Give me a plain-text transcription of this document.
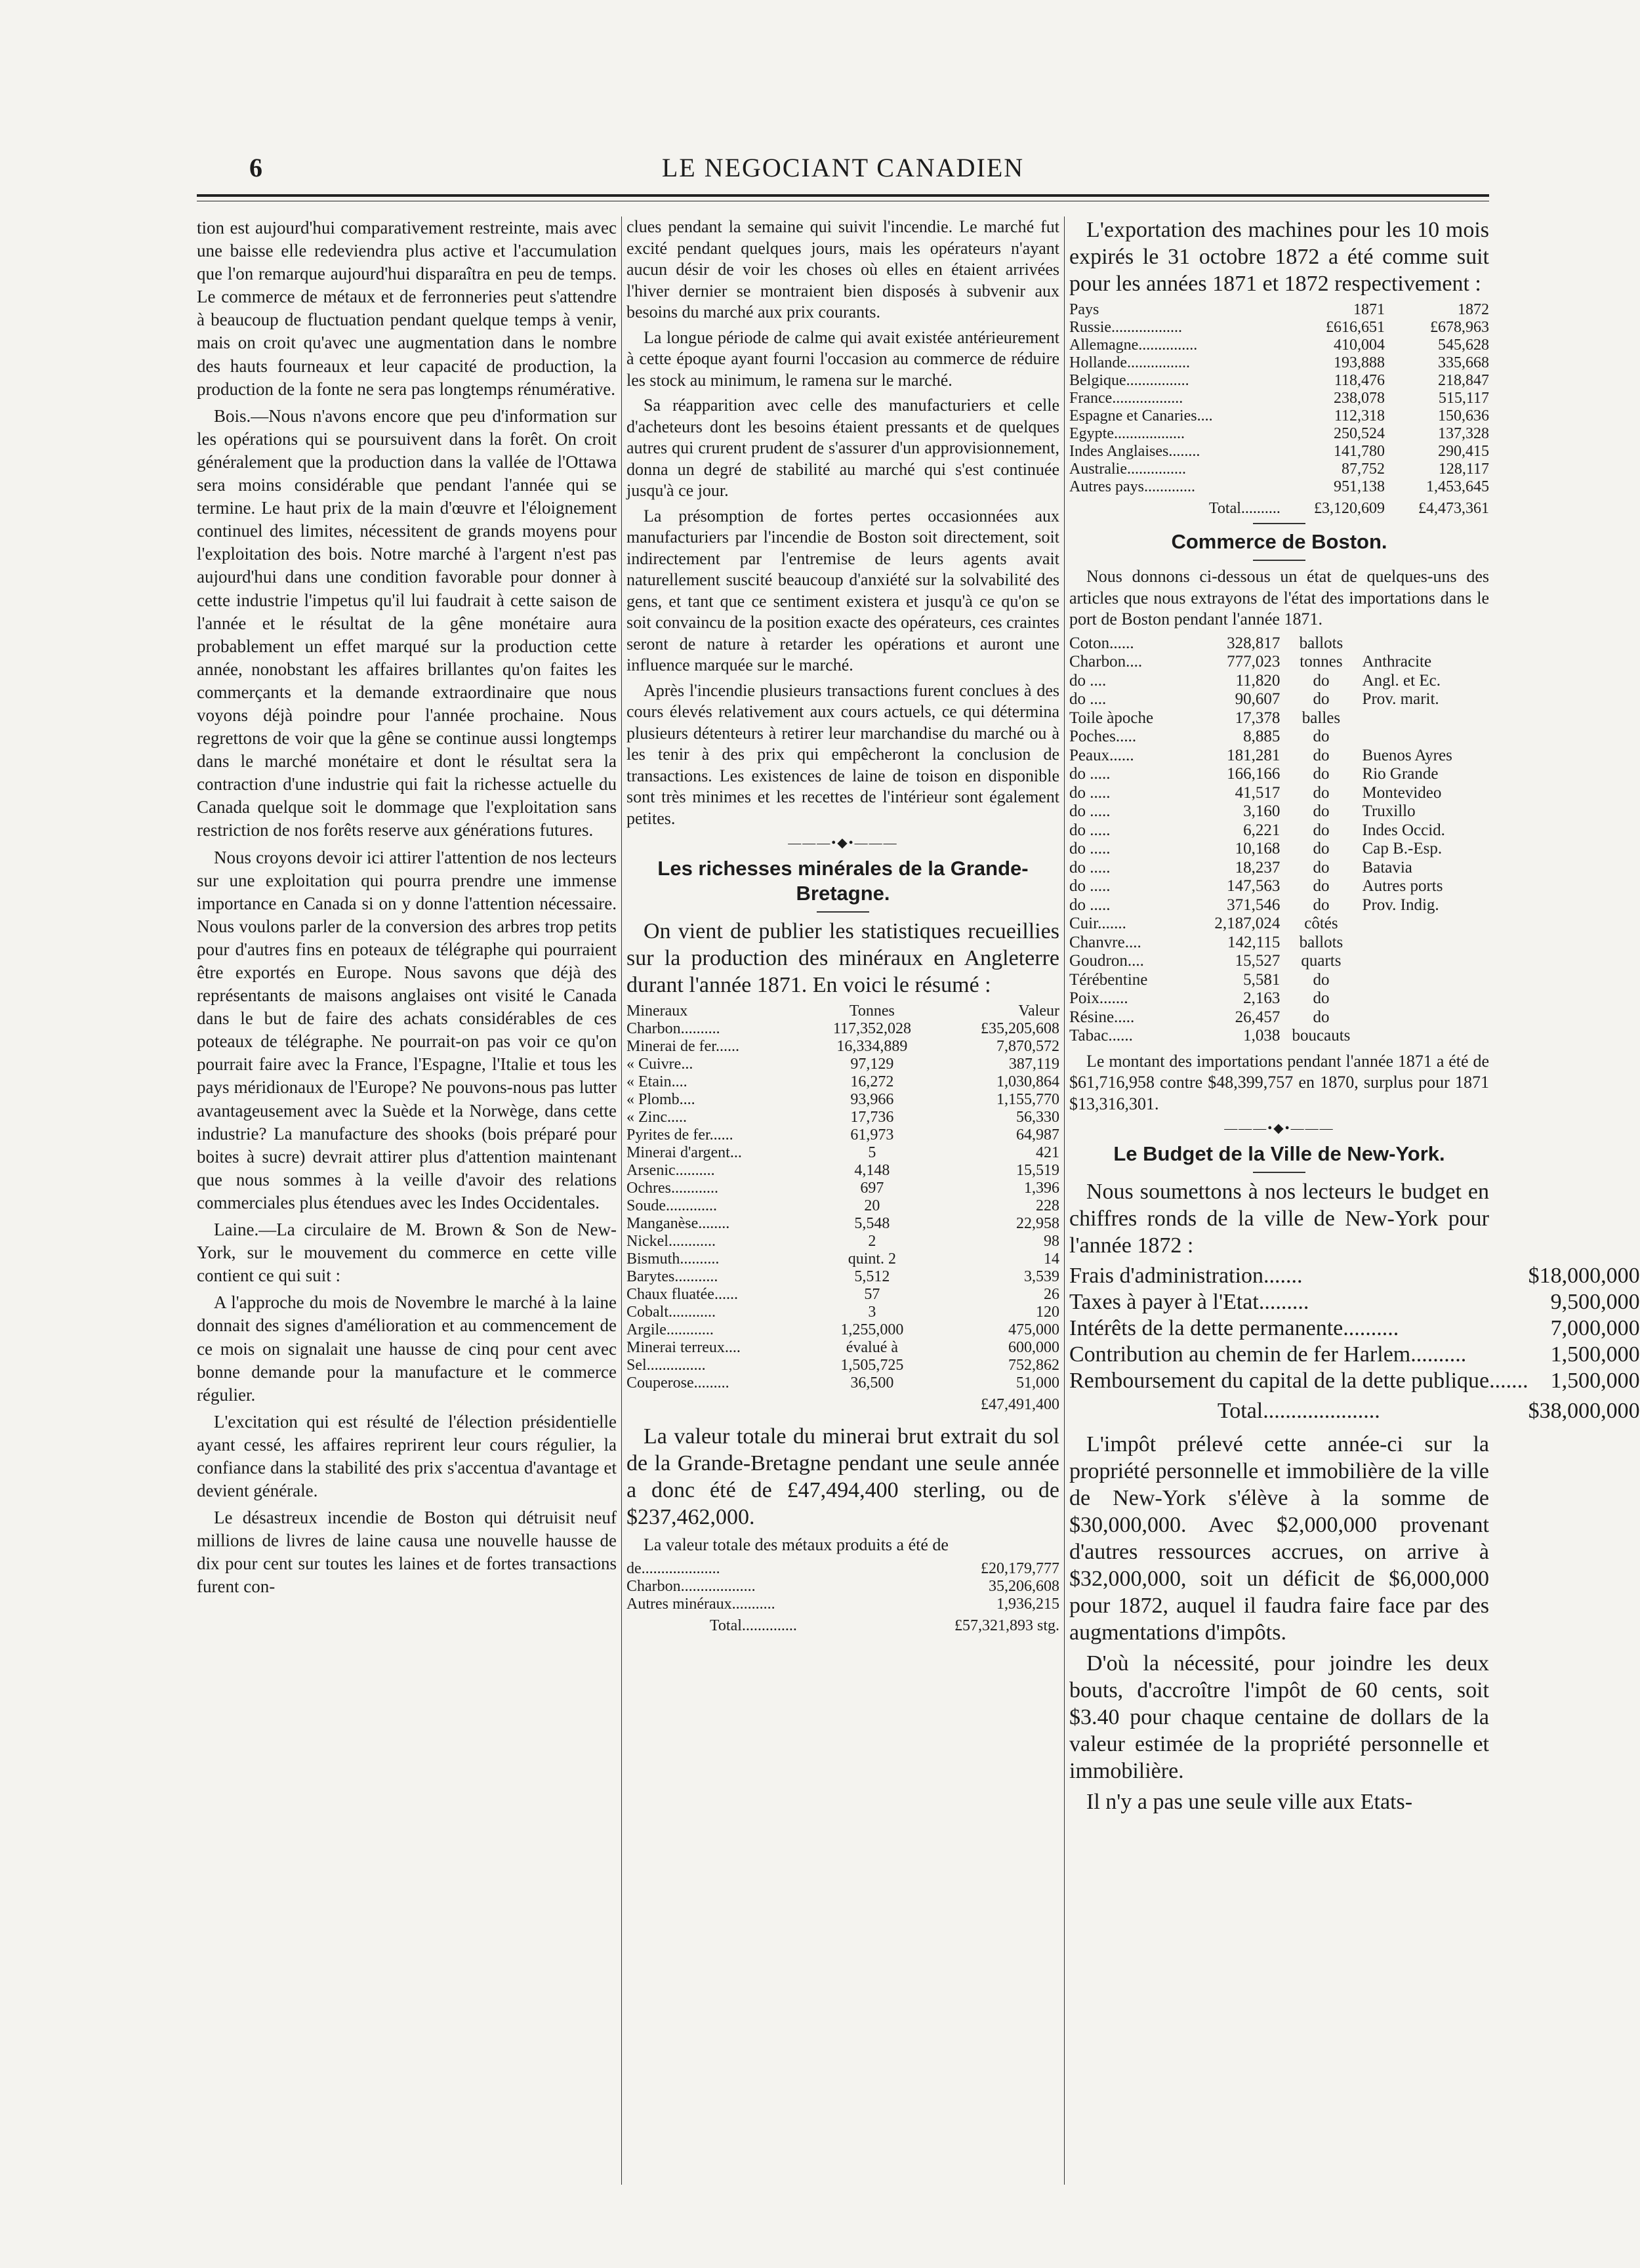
6	LE NEGOCIANT CANADIEN

tion est aujourd'hui comparativement restreinte, mais avec une baisse elle redeviendra plus active et l'accumulation que l'on remarque aujourd'hui disparaîtra en peu de temps. Le commerce de métaux et de ferronneries peut s'attendre à beaucoup de fluctuation pendant quelque temps à venir, mais on croit qu'avec une augmentation dans le nombre des hauts fourneaux et leur capacité de production, la production de la fonte ne sera pas longtemps rénumérative.

Bois.—Nous n'avons encore que peu d'information sur les opérations qui se poursuivent dans la forêt. On croit généralement que la production dans la vallée de l'Ottawa sera moins considérable que pendant l'année qui se termine. Le haut prix de la main d'œuvre et l'éloignement continuel des limites, nécessitent de grands moyens pour l'exploitation des bois. Notre marché à l'argent n'est pas aujourd'hui dans une condition favorable pour donner à cette industrie l'impetus qu'il lui faudrait à cette saison de l'année et le résultat de la gêne monétaire aura probablement un effet marqué sur la production cette année, nonobstant les affaires brillantes qu'on faites les commerçants et la demande extraordinaire que nous voyons déjà poindre pour l'année prochaine. Nous regrettons de voir que la gêne se continue aussi longtemps dans le marché monétaire et dont le résultat sera la contraction d'une industrie qui fait la richesse actuelle du Canada quelque soit le dommage que l'exploitation sans restriction de nos forêts reserve aux générations futures.

Nous croyons devoir ici attirer l'attention de nos lecteurs sur une exploitation qui pourra prendre une immense importance en Canada si on y donne l'attention nécessaire. Nous voulons parler de la conversion des arbres trop petits pour d'autres fins en poteaux de télégraphe qui pourraient être exportés en Europe. Nous savons que déjà des représentants de maisons anglaises ont visité le Canada dans le but de faire des achats considérables de ces poteaux de télégraphe. Ne pourrait-on pas voir ce qu'on pourrait faire avec la France, l'Espagne, l'Italie et tous les pays méridionaux de l'Europe? Ne pouvons-nous pas lutter avantageusement avec la Suède et la Norwège, dans cette industrie? La manufacture des shooks (bois préparé pour boites à sucre) devrait attirer plus d'attention maintenant que nous sommes à la veille d'avoir des relations commerciales plus étendues avec les Indes Occidentales.

Laine.—La circulaire de M. Brown & Son de New-York, sur le mouvement du commerce en cette ville contient ce qui suit :

A l'approche du mois de Novembre le marché à la laine donnait des signes d'amélioration et au commencement de ce mois on signalait une hausse de cinq pour cent avec bonne demande pour la manufacture et le commerce régulier.

L'excitation qui est résulté de l'élection présidentielle ayant cessé, les affaires reprirent leur cours régulier, la confiance dans la stabilité des prix s'accentua d'avantage et devient générale.

Le désastreux incendie de Boston qui détruisit neuf millions de livres de laine causa une nouvelle hausse de dix pour cent sur toutes les laines et de fortes transactions furent con-

clues pendant la semaine qui suivit l'incendie. Le marché fut excité pendant quelques jours, mais les opérateurs n'ayant aucun désir de voir les choses où elles en étaient arrivées l'hiver dernier se montraient bien disposés à subvenir aux besoins du marché aux prix courants.

La longue période de calme qui avait existée antérieurement à cette époque ayant fourni l'occasion au commerce de réduire les stock au minimum, le ramena sur le marché.

Sa réapparition avec celle des manufacturiers et celle d'acheteurs dont les besoins étaient pressants et de quelques autres qui crurent prudent de s'assurer d'un approvisionnement, donna un degré de stabilité au marché qui s'est continuée jusqu'à ce jour.

La présomption de fortes pertes occasionnées aux manufacturiers par l'incendie de Boston soit directement, soit indirectement par l'entremise de leurs agents avait naturellement suscité beaucoup d'anxiété sur la solvabilité des gens, et tant que ce sentiment existera et jusqu'à ce qu'on se soit convaincu de la position exacte des opérateurs, ces craintes seront de nature à retarder les opérations et auront une influence marquée sur le marché.

Après l'incendie plusieurs transactions furent conclues à des cours élevés relativement aux cours actuels, ce qui détermina plusieurs détenteurs à retirer leur marchandise du marché ou à les tenir à des prix qui empêcheront la conclusion de transactions. Les existences de laine de toison en disponible sont très minimes et les recettes de l'intérieur sont également petites.

———•◆•———
Les richesses minérales de la Grande-Bretagne.

On vient de publier les statistiques recueillies sur la production des minéraux en Angleterre durant l'année 1871. En voici le résumé :

Mineraux	Tonnes	Valeur
Charbon..........	117,352,028	£35,205,608
Minerai de fer......	16,334,889	7,870,572
« Cuivre...	97,129	387,119
« Etain....	16,272	1,030,864
« Plomb....	93,966	1,155,770
« Zinc.....	17,736	56,330
Pyrites de fer......	61,973	64,987
Minerai d'argent...	5	421
Arsenic..........	4,148	15,519
Ochres............	697	1,396
Soude.............	20	228
Manganèse........	5,548	22,958
Nickel............	2	98
Bismuth..........	quint. 2	14
Barytes...........	5,512	3,539
Chaux fluatée......	57	26
Cobalt............	3	120
Argile............	1,255,000	475,000
Minerai terreux....	évalué à	600,000
Sel...............	1,505,725	752,862
Couperose.........	36,500	51,000
		£47,491,400

La valeur totale du minerai brut extrait du sol de la Grande-Bretagne pendant une seule année a donc été de £47,494,400 sterling, ou de $237,462,000.

La valeur totale des métaux produits a été de

de....................	£20,179,777
Charbon...................	35,206,608
Autres minéraux...........	1,936,215
Total..............	£57,321,893 stg.

L'exportation des machines pour les 10 mois expirés le 31 octobre 1872 a été comme suit pour les années 1871 et 1872 respectivement :

Pays	1871	1872
Russie..................	£616,651	£678,963
Allemagne...............	410,004	545,628
Hollande................	193,888	335,668
Belgique................	118,476	218,847
France..................	238,078	515,117
Espagne et Canaries....	112,318	150,636
Egypte..................	250,524	137,328
Indes Anglaises........	141,780	290,415
Australie...............	87,752	128,117
Autres pays.............	951,138	1,453,645
Total..........	£3,120,609	£4,473,361
Commerce de Boston.

Nous donnons ci-dessous un état de quelques-uns des articles que nous extrayons de l'état des importations dans le port de Boston pendant l'année 1871.

Coton......	328,817	ballots	
Charbon....	777,023	tonnes	Anthracite
do ....	11,820	do	Angl. et Ec.
do ....	90,607	do	Prov. marit.
Toile àpoche	17,378	balles	
Poches.....	8,885	do	
Peaux......	181,281	do	Buenos Ayres
do .....	166,166	do	Rio Grande
do .....	41,517	do	Montevideo
do .....	3,160	do	Truxillo
do .....	6,221	do	Indes Occid.
do .....	10,168	do	Cap B.-Esp.
do .....	18,237	do	Batavia
do .....	147,563	do	Autres ports
do .....	371,546	do	Prov. Indig.
Cuir.......	2,187,024	côtés	
Chanvre....	142,115	ballots	
Goudron....	15,527	quarts	
Térébentine	5,581	do	
Poix.......	2,163	do	
Résine.....	26,457	do	
Tabac......	1,038	boucauts	

Le montant des importations pendant l'année 1871 a été de $61,716,958 contre $48,399,757 en 1870, surplus pour 1871 $13,316,301.

———•◆•———
Le Budget de la Ville de New-York.

Nous soumettons à nos lecteurs le budget en chiffres ronds de la ville de New-York pour l'année 1872 :

Frais d'administration.......	$18,000,000
Taxes à payer à l'Etat.........	9,500,000
Intérêts de la dette permanente..........	7,000,000
Contribution au chemin de fer Harlem..........	1,500,000
Remboursement du capital de la dette publique.......	1,500,000
Total.....................	$38,000,000

L'impôt prélevé cette année-ci sur la propriété personnelle et immobilière de la ville de New-York s'élève à la somme de $30,000,000. Avec $2,000,000 provenant d'autres ressources accrues, on arrive à $32,000,000, soit un déficit de $6,000,000 pour 1872, auquel il faudra faire face par des augmentations d'impôts.

D'où la nécessité, pour joindre les deux bouts, d'accroître l'impôt de 60 cents, soit $3.40 pour chaque centaine de dollars de la valeur estimée de la propriété personnelle et immobilière.

Il n'y a pas une seule ville aux Etats-
